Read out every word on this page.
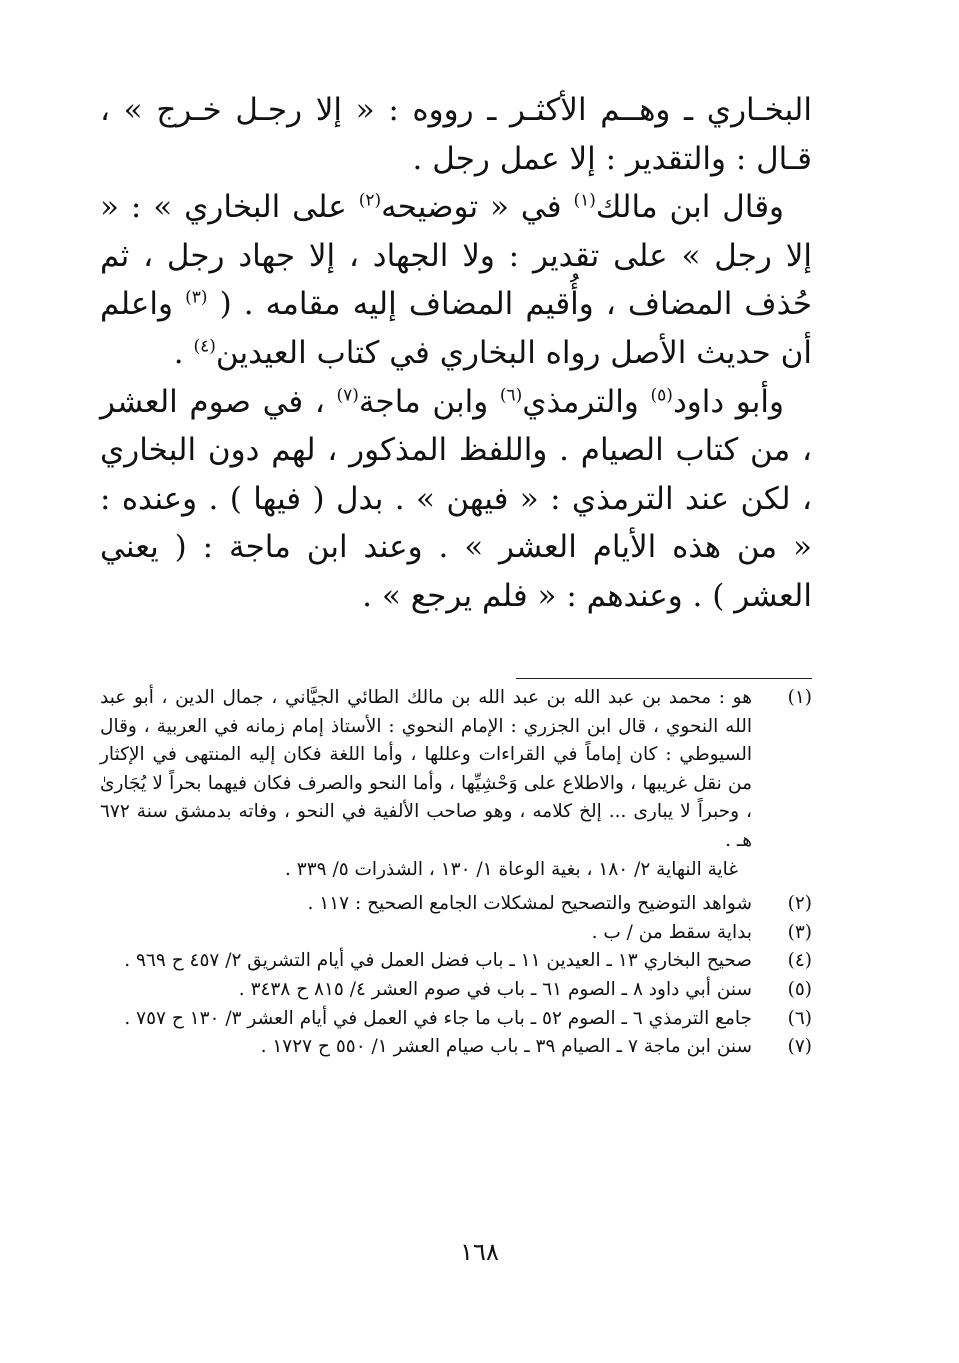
البخـاري ـ وهــم الأكثـر ـ رووه : « إلا رجـل خـرج » ، قـال : والتقدير : إلا عمل رجل .

وقال ابن مالك$^{(١)}$ في « توضيحه$^{(٢)}$ على البخاري » : « إلا رجل » على تقدير : ولا الجهاد ، إلا جهاد رجل ، ثم حُذف المضاف ، وأُقيم المضاف إليه مقامه . ( $^{(٣)}$ واعلم أن حديث الأصل رواه البخاري في كتاب العيدين$^{(٤)}$ .

وأبو داود$^{(٥)}$ والترمذي$^{(٦)}$ وابن ماجة$^{(٧)}$ ، في صوم العشر ، من كتاب الصيام . واللفظ المذكور ، لهم دون البخاري ، لكن عند الترمذي : « فيهن » . بدل ( فيها ) . وعنده : « من هذه الأيام العشر » . وعند ابن ماجة : ( يعني العشر ) . وعندهم : « فلم يرجع » .

(١)
هو : محمد بن عبد الله بن عبد الله بن مالك الطائي الجيَّاني ، جمال الدين ، أبو عبد الله النحوي ، قال ابن الجزري : الإمام النحوي : الأستاذ إمام زمانه في العربية ، وقال السيوطي : كان إماماً في القراءات وعللها ، وأما اللغة فكان إليه المنتهى في الإكثار من نقل غريبها ، والاطلاع على وَحْشِيِّها ، وأما النحو والصرف فكان فيهما بحراً لا يُجَارىٰ ، وحبراً لا يبارى ... إلخ كلامه ، وهو صاحب الألفية في النحو ، وفاته بدمشق سنة ٦٧٢ هـ .
غاية النهاية ٢/ ١٨٠ ، بغية الوعاة ١/ ١٣٠ ، الشذرات ٥/ ٣٣٩ .
(٢)
شواهد التوضيح والتصحيح لمشكلات الجامع الصحيح : ١١٧ .
(٣)
بداية سقط من / ب .
(٤)
صحيح البخاري ١٣ ـ العيدين ١١ ـ باب فضل العمل في أيام التشريق ٢/ ٤٥٧ ح ٩٦٩ .
(٥)
سنن أبي داود ٨ ـ الصوم ٦١ ـ باب في صوم العشر ٤/ ٨١٥ ح ٣٤٣٨ .
(٦)
جامع الترمذي ٦ ـ الصوم ٥٢ ـ باب ما جاء في العمل في أيام العشر ٣/ ١٣٠ ح ٧٥٧ .
(٧)
سنن ابن ماجة ٧ ـ الصيام ٣٩ ـ باب صيام العشر ١/ ٥٥٠ ح ١٧٢٧ .
١٦٨
